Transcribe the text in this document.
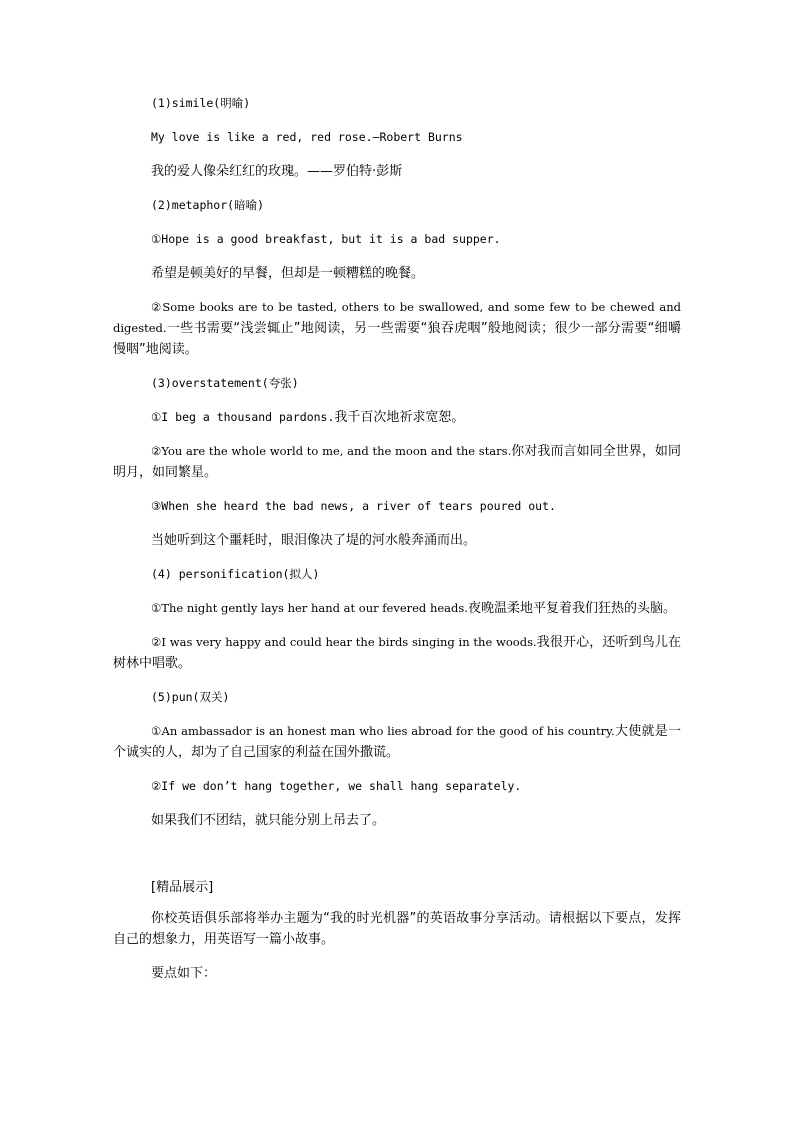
(1)simile(明喻)

My love is like a red, red rose.—Robert Burns

我的爱人像朵红红的玫瑰。——罗伯特·彭斯

(2)metaphor(暗喻)

①Hope is a good breakfast, but it is a bad supper.

希望是顿美好的早餐，但却是一顿糟糕的晚餐。

②Some books are to be tasted, others to be swallowed, and some few to be chewed and digested.一些书需要“浅尝辄止”地阅读，另一些需要“狼吞虎咽”般地阅读；很少一部分需要“细嚼慢咽”地阅读。

(3)overstatement(夸张)

①I beg a thousand pardons.我千百次地祈求宽恕。

②You are the whole world to me, and the moon and the stars.你对我而言如同全世界，如同明月，如同繁星。

③When she heard the bad news, a river of tears poured out.

当她听到这个噩耗时，眼泪像决了堤的河水般奔涌而出。

(4) personification(拟人)

①The night gently lays her hand at our fevered heads.夜晚温柔地平复着我们狂热的头脑。

②I was very happy and could hear the birds singing in the woods.我很开心，还听到鸟儿在树林中唱歌。

(5)pun(双关)

①An ambassador is an honest man who lies abroad for the good of his country.大使就是一个诚实的人，却为了自己国家的利益在国外撒谎。

②If we don’t hang together, we shall hang separately.

如果我们不团结，就只能分别上吊去了。

[精品展示]

你校英语俱乐部将举办主题为“我的时光机器”的英语故事分享活动。请根据以下要点，发挥自己的想象力，用英语写一篇小故事。

要点如下：
